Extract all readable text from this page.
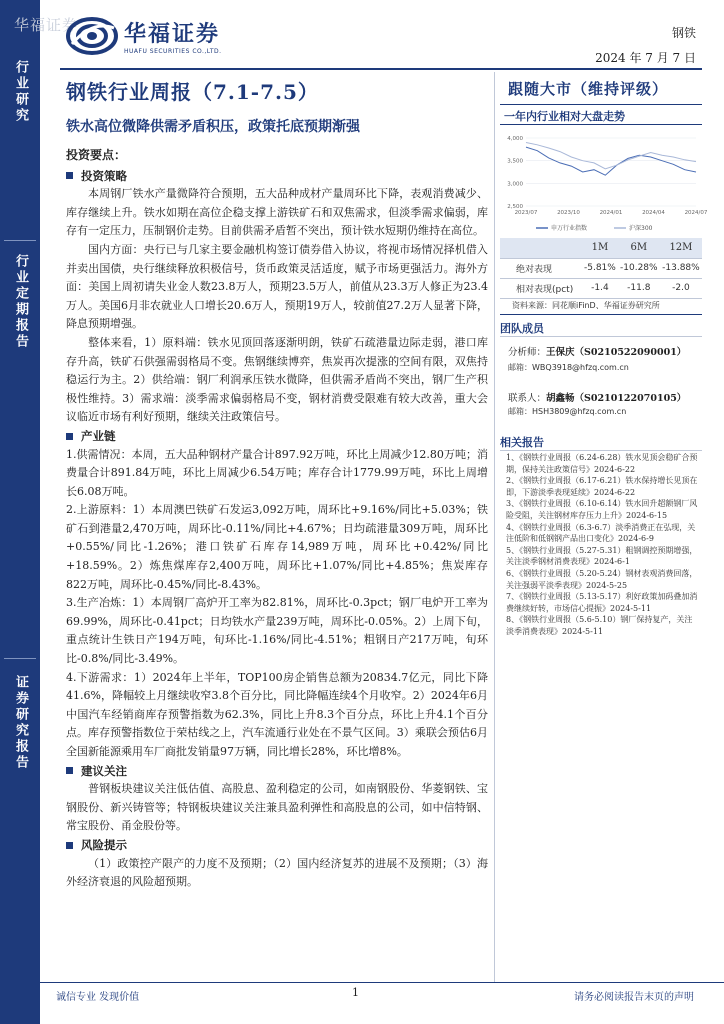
行业研究
行业定期报告
证券研究报告
华福证券 华福证券
HUAFU SECURITIES CO.,LTD.
钢铁
2024 年 7 月 7 日
钢铁行业周报（7.1-7.5）
铁水高位微降供需矛盾积压，政策托底预期渐强
投资要点：
投资策略
本周钢厂铁水产量微降符合预期，五大品种成材产量周环比下降，表观消费减少、库存继续上升。铁水如期在高位企稳支撑上游铁矿石和双焦需求，但淡季需求偏弱，库存有一定压力，压制钢价走势。目前供需矛盾暂不突出，预计铁水短期仍维持在高位。
国内方面：央行已与几家主要金融机构签订债券借入协议，将视市场情况择机借入并卖出国债，央行继续释放积极信号，货币政策灵活适度，赋予市场更强活力。海外方面：美国上周初请失业金人数23.8万人，预期23.5万人，前值从23.3万人修正为23.4万人。美国6月非农就业人口增长20.6万人，预期19万人，较前值27.2万人显著下降，降息预期增强。
整体来看，1）原料端：铁水见顶回落逐渐明朗，铁矿石疏港量边际走弱，港口库存升高，铁矿石供强需弱格局不变。焦钢继续博弈，焦炭再次提涨的空间有限，双焦持稳运行为主。2）供给端：钢厂利润承压铁水微降，但供需矛盾尚不突出，钢厂生产积极性维持。3）需求端：淡季需求偏弱格局不变，钢材消费受限难有较大改善，重大会议临近市场有利好预期，继续关注政策信号。
产业链
1.供需情况：本周，五大品种钢材产量合计897.92万吨，环比上周减少12.80万吨；消费量合计891.84万吨，环比上周减少6.54万吨；库存合计1779.99万吨，环比上周增长6.08万吨。
2.上游原料：1）本周澳巴铁矿石发运3,092万吨，周环比+9.16%/同比+5.03%；铁矿石到港量2,470万吨，周环比-0.11%/同比+4.67%；日均疏港量309万吨，周环比+0.55%/同比-1.26%；港口铁矿石库存14,989万吨，周环比+0.42%/同比+18.59%。2）炼焦煤库存2,400万吨，周环比+1.07%/同比+4.85%；焦炭库存822万吨，周环比-0.45%/同比-8.43%。
3.生产冶炼：1）本周钢厂高炉开工率为82.81%，周环比-0.3pct；钢厂电炉开工率为69.99%，周环比-0.41pct；日均铁水产量239万吨，周环比-0.05%。2）上周下旬，重点统计生铁日产194万吨，旬环比-1.16%/同比-4.51%；粗钢日产217万吨，旬环比-0.8%/同比-3.49%。
4.下游需求：1）2024年上半年，TOP100房企销售总额为20834.7亿元，同比下降41.6%，降幅较上月继续收窄3.8个百分比，同比降幅连续4个月收窄。2）2024年6月中国汽车经销商库存预警指数为62.3%，同比上升8.3个百分点，环比上升4.1个百分点。库存预警指数位于荣枯线之上，汽车流通行业处在不景气区间。3）乘联会预估6月全国新能源乘用车厂商批发销量97万辆，同比增长28%，环比增8%。
建议关注
普钢板块建议关注低估值、高股息、盈利稳定的公司，如南钢股份、华菱钢铁、宝钢股份、新兴铸管等；特钢板块建议关注兼具盈利弹性和高股息的公司，如中信特钢、常宝股份、甬金股份等。
风险提示
（1）政策控产限产的力度不及预期；（2）国内经济复苏的进展不及预期；（3）海外经济衰退的风险超预期。
跟随大市（维持评级）
一年内行业相对大盘走势
2,500
3,000
3,500
4,000
2023/07	2023/10	2024/01	2024/04	2024/07
申万行业指数	沪深300
	1M	6M	12M
绝对表现	-5.81%	-10.28%	-13.88%
相对表现(pct)	-1.4	-11.8	-2.0
资料来源：同花顺iFinD、华福证券研究所
团队成员
分析师：王保庆（S0210522090001）
邮箱：WBQ3918@hfzq.com.cn
联系人：胡鑫畅（S0210122070105）
邮箱：HSH3809@hfzq.com.cn
相关报告
1、《钢铁行业周报（6.24-6.28）铁水见顶会稳矿合预期，保持关注政策信号》2024-6-22
2、《钢铁行业周报（6.17-6.21）铁水保持增长见顶在即，下游淡季表现延续》2024-6-22
3、《钢铁行业周报（6.10-6.14）铁水回升超额钢厂风险受阻，关注钢材库存压力上升》2024-6-15
4、《钢铁行业周报（6.3-6.7）淡季消费正在弘现，关注低阶和低钢钢产品出口变化》2024-6-9
5、《钢铁行业周报（5.27-5.31）粗钢调控预期增强，关注淡季钢材消费表现》2024-6-1
6、《钢铁行业周报（5.20-5.24）钢材表观消费回落，关注强弱平淡季表现》2024-5-25
7、《钢铁行业周报（5.13-5.17）利好政策加码叠加消费继续好转，市场信心提振》2024-5-11
8、《钢铁行业周报（5.6-5.10）钢厂保持复产，关注淡季消费表现》2024-5-11
诚信专业 发现价值	1	请务必阅读报告末页的声明
